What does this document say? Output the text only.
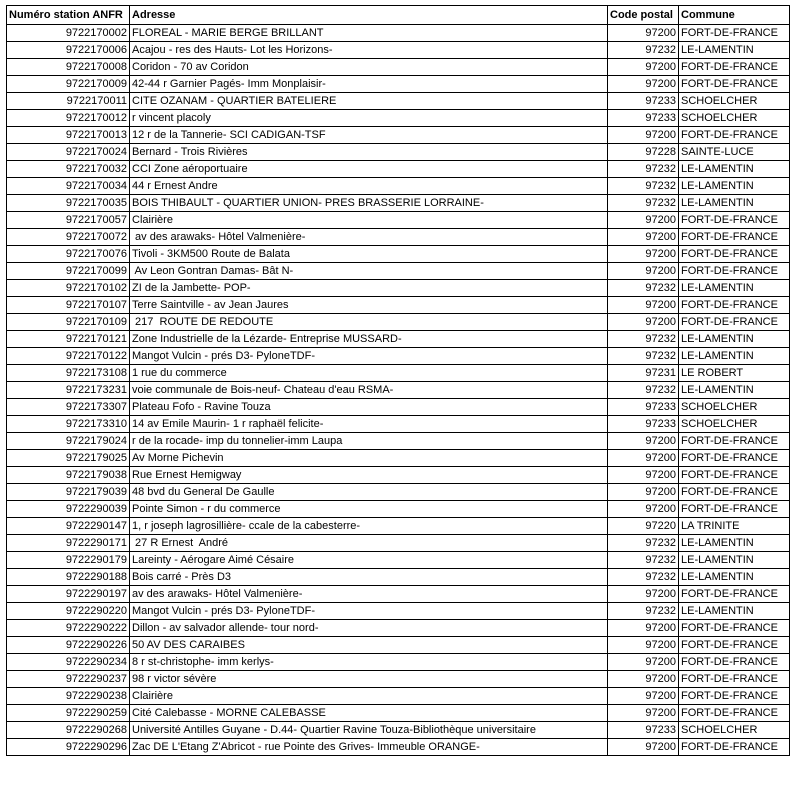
Numéro station ANFR	Adresse	Code postal	Commune
9722170002	FLOREAL - MARIE BERGE BRILLANT	97200	FORT-DE-FRANCE
9722170006	Acajou - res des Hauts- Lot les Horizons-	97232	LE-LAMENTIN
9722170008	Coridon - 70 av Coridon	97200	FORT-DE-FRANCE
9722170009	42-44 r Garnier Pagés- Imm Monplaisir-	97200	FORT-DE-FRANCE
9722170011	CITE OZANAM - QUARTIER BATELIERE	97233	SCHOELCHER
9722170012	r vincent placoly	97233	SCHOELCHER
9722170013	12 r de la Tannerie- SCI CADIGAN-TSF	97200	FORT-DE-FRANCE
9722170024	Bernard - Trois Rivières	97228	SAINTE-LUCE
9722170032	CCI Zone aéroportuaire	97232	LE-LAMENTIN
9722170034	44 r Ernest Andre	97232	LE-LAMENTIN
9722170035	BOIS THIBAULT - QUARTIER UNION- PRES BRASSERIE LORRAINE-	97232	LE-LAMENTIN
9722170057	Clairière	97200	FORT-DE-FRANCE
9722170072	av des arawaks- Hôtel Valmenière-	97200	FORT-DE-FRANCE
9722170076	Tivoli - 3KM500 Route de Balata	97200	FORT-DE-FRANCE
9722170099	Av Leon Gontran Damas- Bât N-	97200	FORT-DE-FRANCE
9722170102	ZI de la Jambette- POP-	97232	LE-LAMENTIN
9722170107	Terre Saintville - av Jean Jaures	97200	FORT-DE-FRANCE
9722170109	217  ROUTE DE REDOUTE	97200	FORT-DE-FRANCE
9722170121	Zone Industrielle de la Lézarde- Entreprise MUSSARD-	97232	LE-LAMENTIN
9722170122	Mangot Vulcin - prés D3- PyloneTDF-	97232	LE-LAMENTIN
9722173108	1 rue du commerce	97231	LE ROBERT
9722173231	voie communale de Bois-neuf- Chateau d'eau RSMA-	97232	LE-LAMENTIN
9722173307	Plateau Fofo - Ravine Touza	97233	SCHOELCHER
9722173310	14 av Emile Maurin- 1 r raphaël felicite-	97233	SCHOELCHER
9722179024	r de la rocade- imp du tonnelier-imm Laupa	97200	FORT-DE-FRANCE
9722179025	Av Morne Pichevin	97200	FORT-DE-FRANCE
9722179038	Rue Ernest Hemigway	97200	FORT-DE-FRANCE
9722179039	48 bvd du General De Gaulle	97200	FORT-DE-FRANCE
9722290039	Pointe Simon - r du commerce	97200	FORT-DE-FRANCE
9722290147	1, r joseph lagrosillière- ccale de la cabesterre-	97220	LA TRINITE
9722290171	27 R Ernest  André	97232	LE-LAMENTIN
9722290179	Lareinty - Aérogare Aimé Césaire	97232	LE-LAMENTIN
9722290188	Bois carré - Près D3	97232	LE-LAMENTIN
9722290197	av des arawaks- Hôtel Valmenière-	97200	FORT-DE-FRANCE
9722290220	Mangot Vulcin - prés D3- PyloneTDF-	97232	LE-LAMENTIN
9722290222	Dillon - av salvador allende- tour nord-	97200	FORT-DE-FRANCE
9722290226	50 AV DES CARAIBES	97200	FORT-DE-FRANCE
9722290234	8 r st-christophe- imm kerlys-	97200	FORT-DE-FRANCE
9722290237	98 r victor sévère	97200	FORT-DE-FRANCE
9722290238	Clairière	97200	FORT-DE-FRANCE
9722290259	Cité Calebasse - MORNE CALEBASSE	97200	FORT-DE-FRANCE
9722290268	Université Antilles Guyane - D.44- Quartier Ravine Touza-Bibliothèque universitaire	97233	SCHOELCHER
9722290296	Zac DE L'Etang Z'Abricot - rue Pointe des Grives- Immeuble ORANGE-	97200	FORT-DE-FRANCE
